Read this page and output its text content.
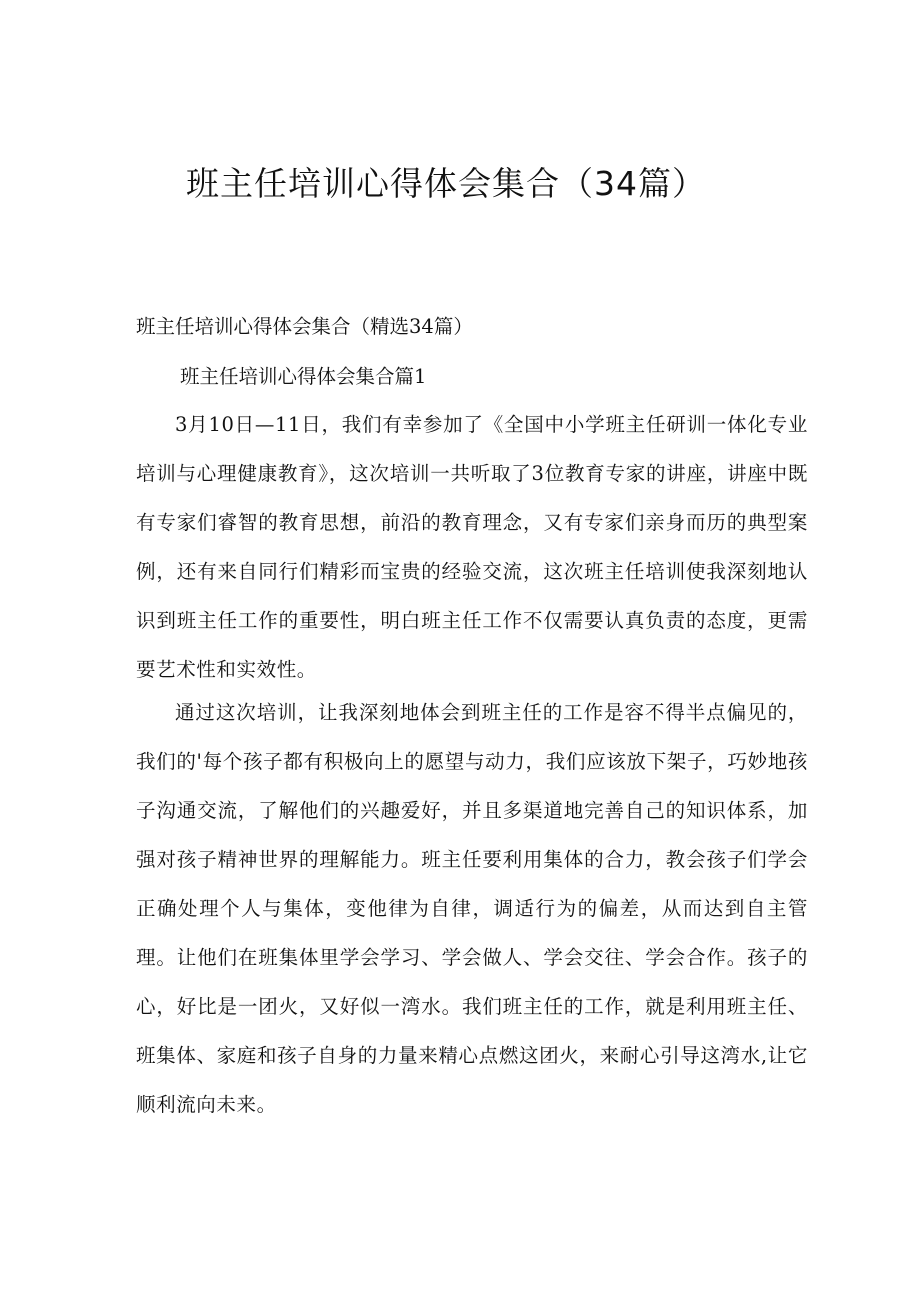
班主任培训心得体会集合（34篇）

班主任培训心得体会集合（精选34篇）

班主任培训心得体会集合篇1

3月10日—11日，我们有幸参加了《全国中小学班主任研训一体化专业培训与心理健康教育》，这次培训一共听取了3位教育专家的讲座，讲座中既有专家们睿智的教育思想，前沿的教育理念，又有专家们亲身而历的典型案例，还有来自同行们精彩而宝贵的经验交流，这次班主任培训使我深刻地认识到班主任工作的重要性，明白班主任工作不仅需要认真负责的态度，更需要艺术性和实效性。

通过这次培训，让我深刻地体会到班主任的工作是容不得半点偏见的，我们的'每个孩子都有积极向上的愿望与动力，我们应该放下架子，巧妙地孩子沟通交流，了解他们的兴趣爱好，并且多渠道地完善自己的知识体系，加强对孩子精神世界的理解能力。班主任要利用集体的合力，教会孩子们学会正确处理个人与集体，变他律为自律，调适行为的偏差，从而达到自主管理。让他们在班集体里学会学习、学会做人、学会交往、学会合作。孩子的心，好比是一团火，又好似一湾水。我们班主任的工作，就是利用班主任、班集体、家庭和孩子自身的力量来精心点燃这团火，来耐心引导这湾水,让它顺利流向未来。
